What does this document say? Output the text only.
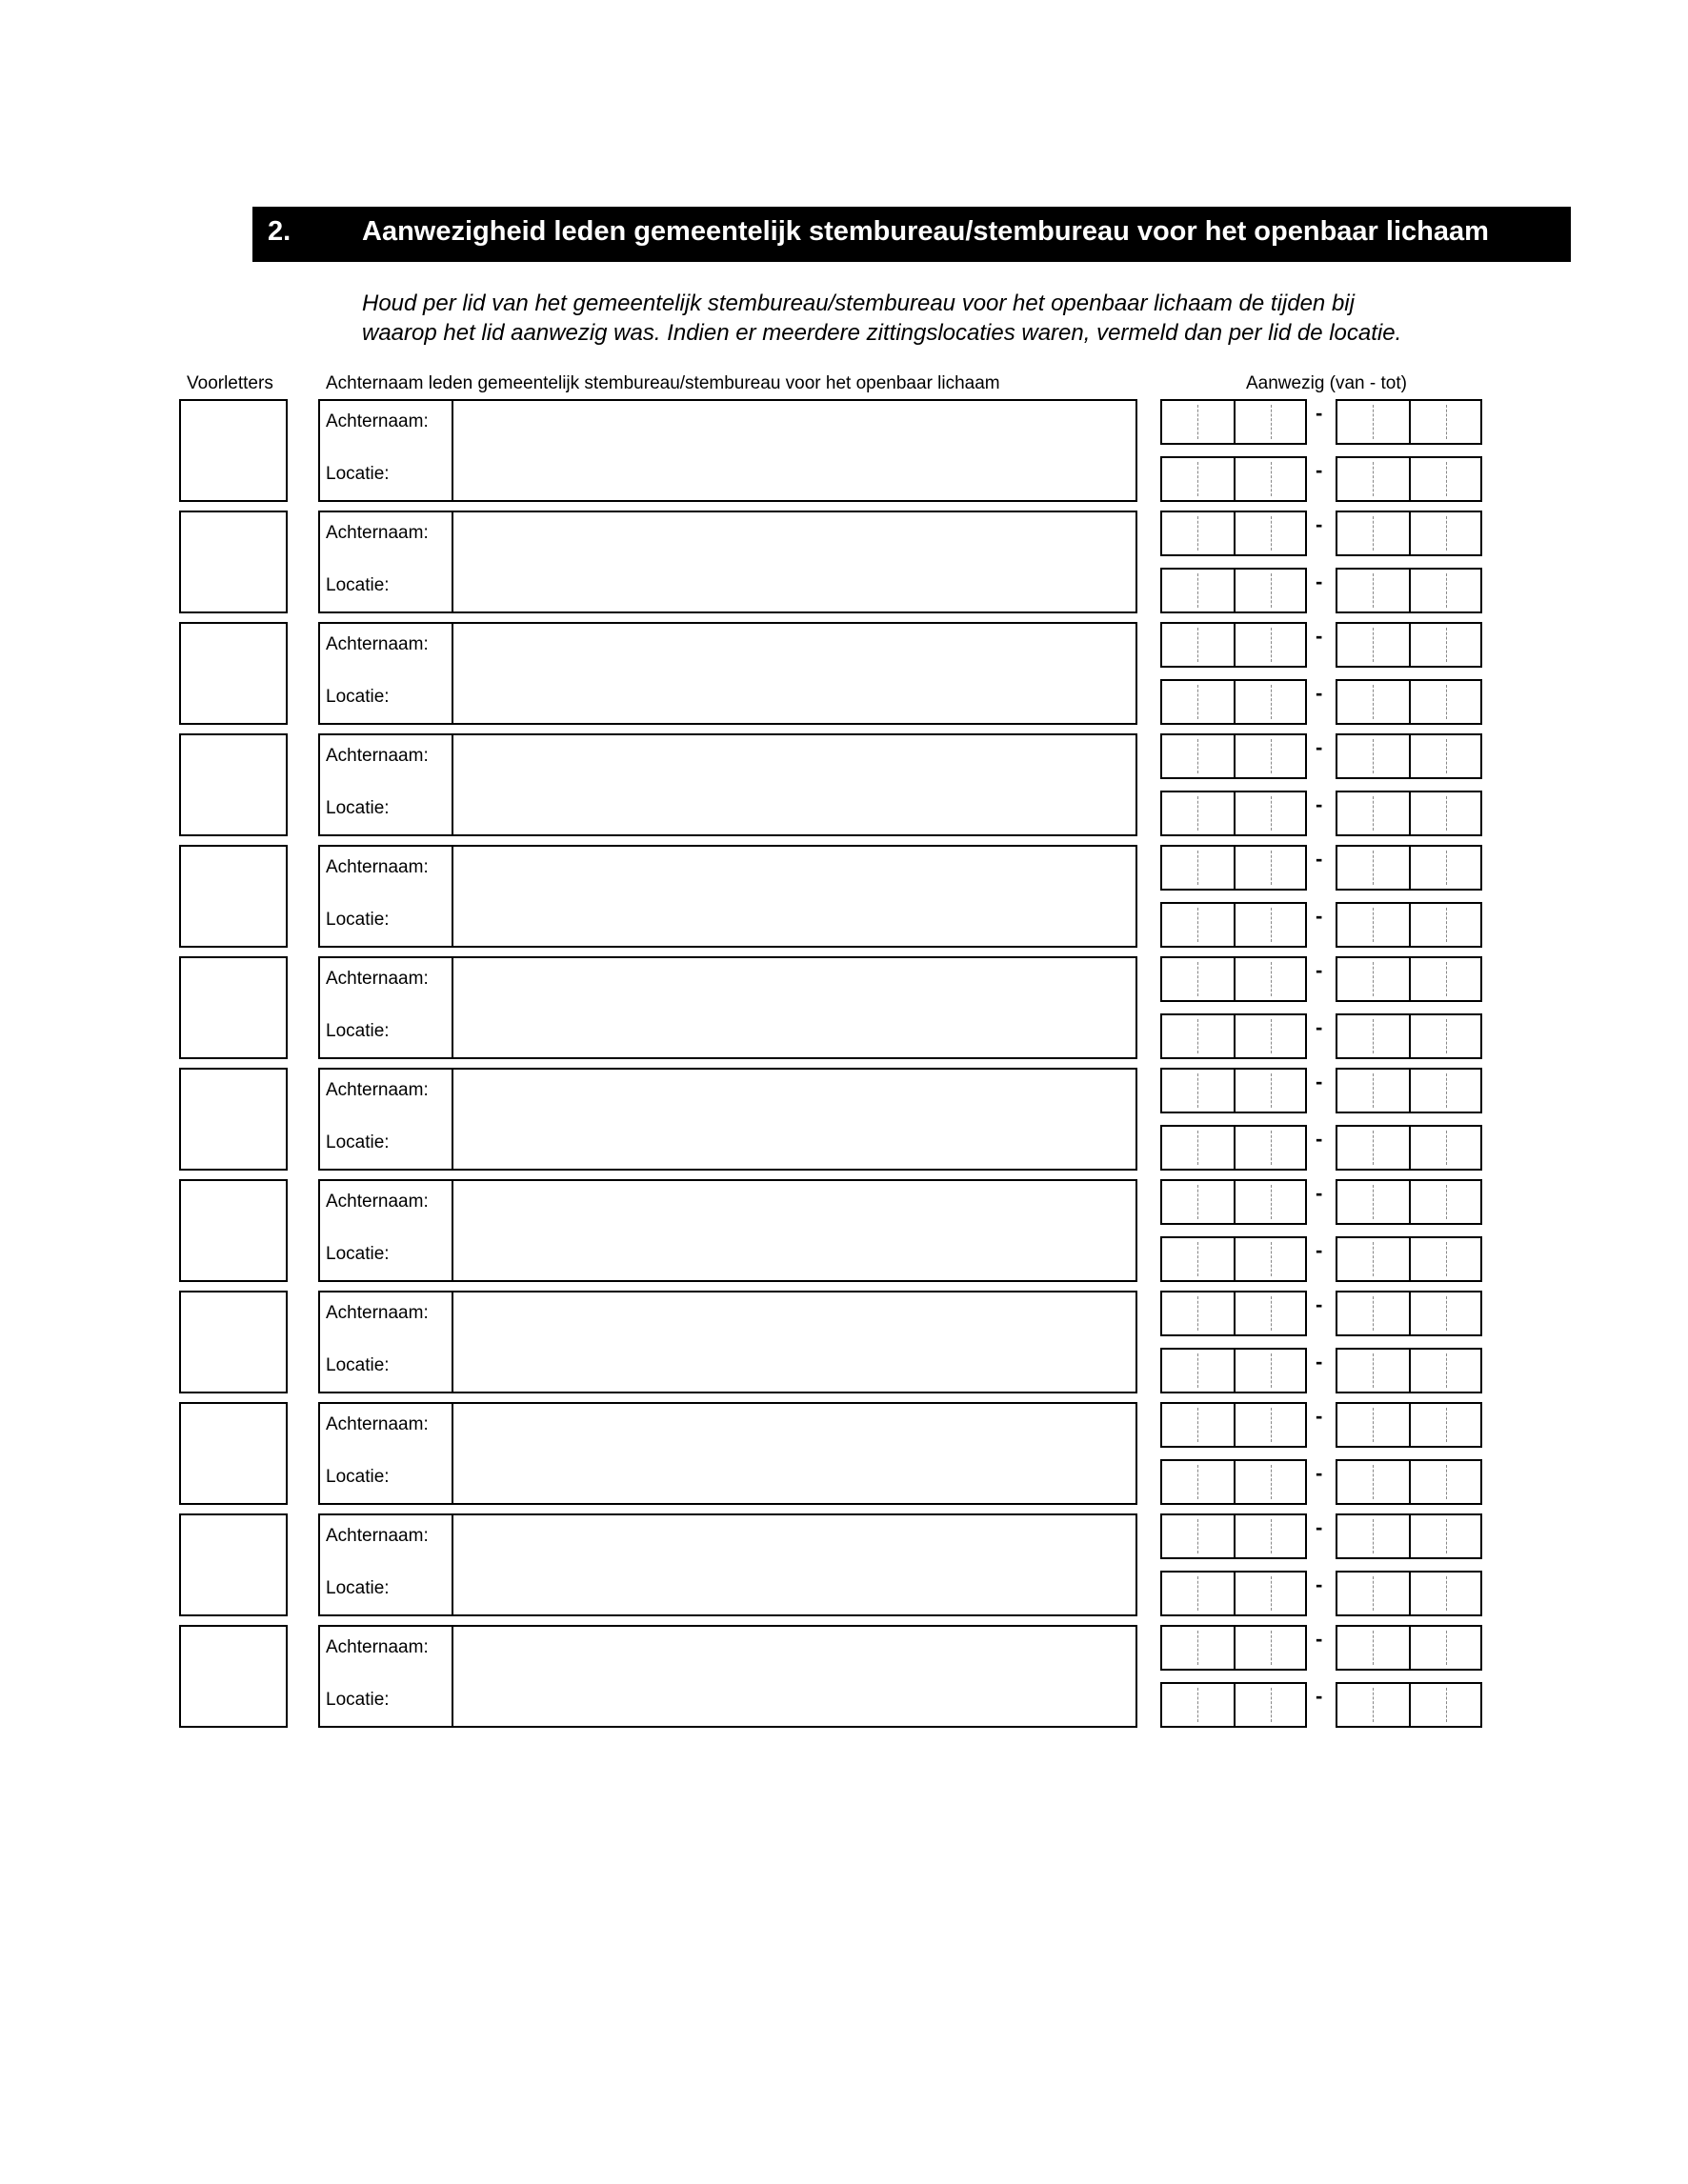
2.	Aanwezigheid leden gemeentelijk stembureau/stembureau voor het openbaar lichaam
Houd per lid van het gemeentelijk stembureau/stembureau voor het openbaar lichaam de tijden bij
waarop het lid aanwezig was. Indien er meerdere zittingslocaties waren, vermeld dan per lid de locatie.
Voorletters	Achternaam leden gemeentelijk stembureau/stembureau voor het openbaar lichaam	Aanwezig (van - tot)
Achternaam:
Locatie:
-
-
Achternaam:
Locatie:
-
-
Achternaam:
Locatie:
-
-
Achternaam:
Locatie:
-
-
Achternaam:
Locatie:
-
-
Achternaam:
Locatie:
-
-
Achternaam:
Locatie:
-
-
Achternaam:
Locatie:
-
-
Achternaam:
Locatie:
-
-
Achternaam:
Locatie:
-
-
Achternaam:
Locatie:
-
-
Achternaam:
Locatie:
-
-
